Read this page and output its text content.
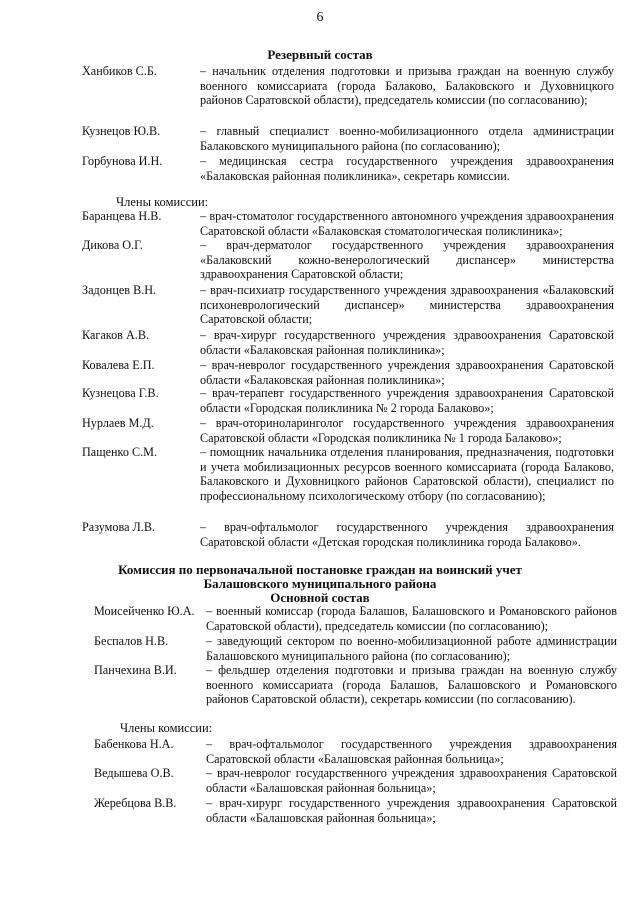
6
Резервный состав
Ханбиков С.Б.	– начальник отделения подготовки и призыва граждан на военную службу военного комиссариата (города Балаково, Балаковского и Духовницкого районов Саратовской области), председатель комиссии (по согласованию);
Кузнецов Ю.В.	– главный специалист военно-мобилизационного отдела администрации Балаковского муниципального района (по согласованию);
Горбунова И.Н.	– медицинская сестра государственного учреждения здравоохранения «Балаковская районная поликлиника», секретарь комиссии.
Члены комиссии:
Баранцева Н.В.	– врач-стоматолог государственного автономного учреждения здравоохранения Саратовской области «Балаковская стоматологическая поликлиника»;
Дикова О.Г.	– врач-дерматолог государственного учреждения здравоохранения «Балаковский кожно-венерологический диспансер» министерства здравоохранения Саратовской области;
Задонцев В.Н.	– врач-психиатр государственного учреждения здравоохранения «Балаковский психоневрологический диспансер» министерства здравоохранения Саратовской области;
Кагаков А.В.	– врач-хирург государственного учреждения здравоохранения Саратовской области «Балаковская районная поликлиника»;
Ковалева Е.П.	– врач-невролог государственного учреждения здравоохранения Саратовской области «Балаковская районная поликлиника»;
Кузнецова Г.В.	– врач-терапевт государственного учреждения здравоохранения Саратовской области «Городская поликлиника № 2 города Балаково»;
Нурлаев М.Д.	– врач-оториноларинголог государственного учреждения здравоохранения Саратовской области «Городская поликлиника № 1 города Балаково»;
Пащенко С.М.	– помощник начальника отделения планирования, предназначения, подготовки и учета мобилизационных ресурсов военного комиссариата (города Балаково, Балаковского и Духовницкого районов Саратовской области), специалист по профессиональному психологическому отбору (по согласованию);
Разумова Л.В.	– врач-офтальмолог государственного учреждения здравоохранения Саратовской области «Детская городская поликлиника города Балаково».
Комиссия по первоначальной постановке граждан на воинский учет
Балашовского муниципального района
Основной состав
Моисейченко Ю.А. – военный комиссар (города Балашов, Балашовского и Романовского районов Саратовской области), председатель комиссии (по согласованию);
Беспалов Н.В.	– заведующий сектором по военно-мобилизационной работе администрации Балашовского муниципального района (по согласованию);
Панчехина В.И. – фельдшер отделения подготовки и призыва граждан на военную службу военного комиссариата (города Балашов, Балашовского и Романовского районов Саратовской области), секретарь комиссии (по согласованию).
Члены комиссии:
Бабенкова Н.А.	– врач-офтальмолог государственного учреждения здравоохранения Саратовской области «Балашовская районная больница»;
Ведышева О.В.	– врач-невролог государственного учреждения здравоохранения Саратовской области «Балашовская районная больница»;
Жеребцова В.В. – врач-хирург государственного учреждения здравоохранения Саратовской области «Балашовская районная больница»;
